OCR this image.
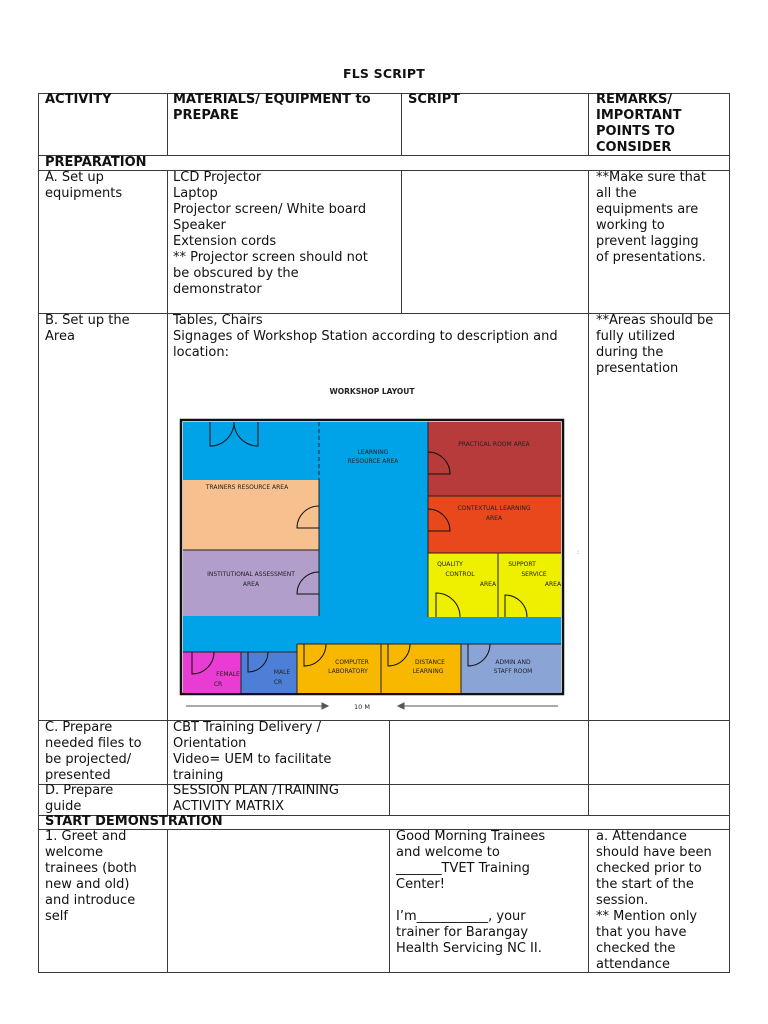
FLS SCRIPT
ACTIVITY	MATERIALS/ EQUIPMENT to
PREPARE
SCRIPT	REMARKS/
IMPORTANT
POINTS TO
CONSIDER
PREPARATION
A. Set up
equipments
LCD Projector
Laptop
Projector screen/ White board
Speaker
Extension cords
** Projector screen should not
be obscured by the
demonstrator
**Make sure that
all the
equipments are
working to
prevent lagging
of presentations.
B. Set up the
Area
Tables, Chairs
Signages of Workshop Station according to description and
location:
**Areas should be
fully utilized
during the
presentation
WORKSHOP LAYOUT
LEARNING RESOURCE AREA
PRACTICAL ROOM AREA
TRAINERS RESOURCE AREA
CONTEXTUAL LEARNING AREA
INSTITUTIONAL ASSESSMENT AREA
QUALITY CONTROLAREA
SUPPORT SERVICE AREA
FEMALE CR
MALE CR
COMPUTER LABORATORY
DISTANCE LEARNING
ADMIN AND STAFF ROOM
10 M
:
C. Prepare
needed files to
be projected/
presented
CBT Training Delivery /
Orientation
Video= UEM to facilitate
training
D. Prepare
guide
SESSION PLAN /TRAINING
ACTIVITY MATRIX
START DEMONSTRATION
1. Greet and
welcome
trainees (both
new and old)
and introduce
self
Good Morning Trainees
and welcome to
_______TVET Training
Center!

I’m___________, your
trainer for Barangay
Health Servicing NC II.
a. Attendance
should have been
checked prior to
the start of the
session.
** Mention only
that you have
checked the
attendance
